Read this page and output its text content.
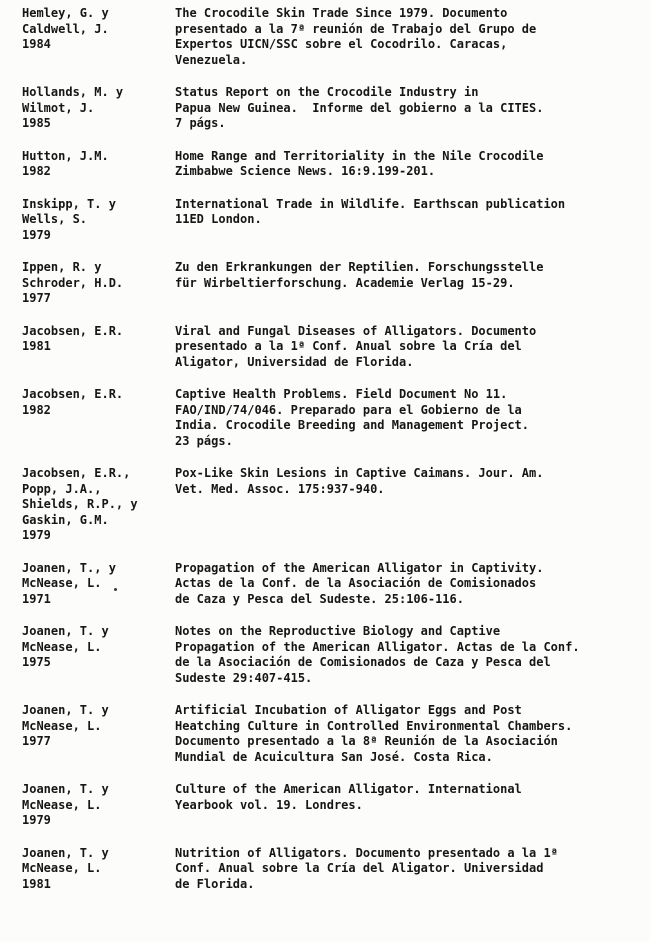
Hemley, G. y
Caldwell, J.
1984
The Crocodile Skin Trade Since 1979. Documento
presentado a la 7ª reunión de Trabajo del Grupo de
Expertos UICN/SSC sobre el Cocodrilo. Caracas,
Venezuela.
Hollands, M. y
Wilmot, J.
1985
Status Report on the Crocodile Industry in
Papua New Guinea.  Informe del gobierno a la CITES.
7 págs.
Hutton, J.M.
1982
Home Range and Territoriality in the Nile Crocodile
Zimbabwe Science News. 16:9.199-201.
Inskipp, T. y
Wells, S.
1979
International Trade in Wildlife. Earthscan publication
11ED London.
Ippen, R. y
Schroder, H.D.
1977
Zu den Erkrankungen der Reptilien. Forschungsstelle
für Wirbeltierforschung. Academie Verlag 15-29.
Jacobsen, E.R.
1981
Viral and Fungal Diseases of Alligators. Documento
presentado a la 1ª Conf. Anual sobre la Cría del
Aligator, Universidad de Florida.
Jacobsen, E.R.
1982
Captive Health Problems. Field Document No 11.
FAO/IND/74/046. Preparado para el Gobierno de la
India. Crocodile Breeding and Management Project.
23 págs.
Jacobsen, E.R.,
Popp, J.A.,
Shields, R.P., y
Gaskin, G.M.
1979
Pox-Like Skin Lesions in Captive Caimans. Jour. Am.
Vet. Med. Assoc. 175:937-940.
Joanen, T., y
McNease, L.
1971
Propagation of the American Alligator in Captivity.
Actas de la Conf. de la Asociación de Comisionados
de Caza y Pesca del Sudeste. 25:106-116.
Joanen, T. y
McNease, L.
1975
Notes on the Reproductive Biology and Captive
Propagation of the American Alligator. Actas de la Conf.
de la Asociación de Comisionados de Caza y Pesca del
Sudeste 29:407-415.
Joanen, T. y
McNease, L.
1977
Artificial Incubation of Alligator Eggs and Post
Heatching Culture in Controlled Environmental Chambers.
Documento presentado a la 8ª Reunión de la Asociación
Mundial de Acuicultura San José. Costa Rica.
Joanen, T. y
McNease, L.
1979
Culture of the American Alligator. International
Yearbook vol. 19. Londres.
Joanen, T. y
McNease, L.
1981
Nutrition of Alligators. Documento presentado a la 1ª
Conf. Anual sobre la Cría del Aligator. Universidad
de Florida.
